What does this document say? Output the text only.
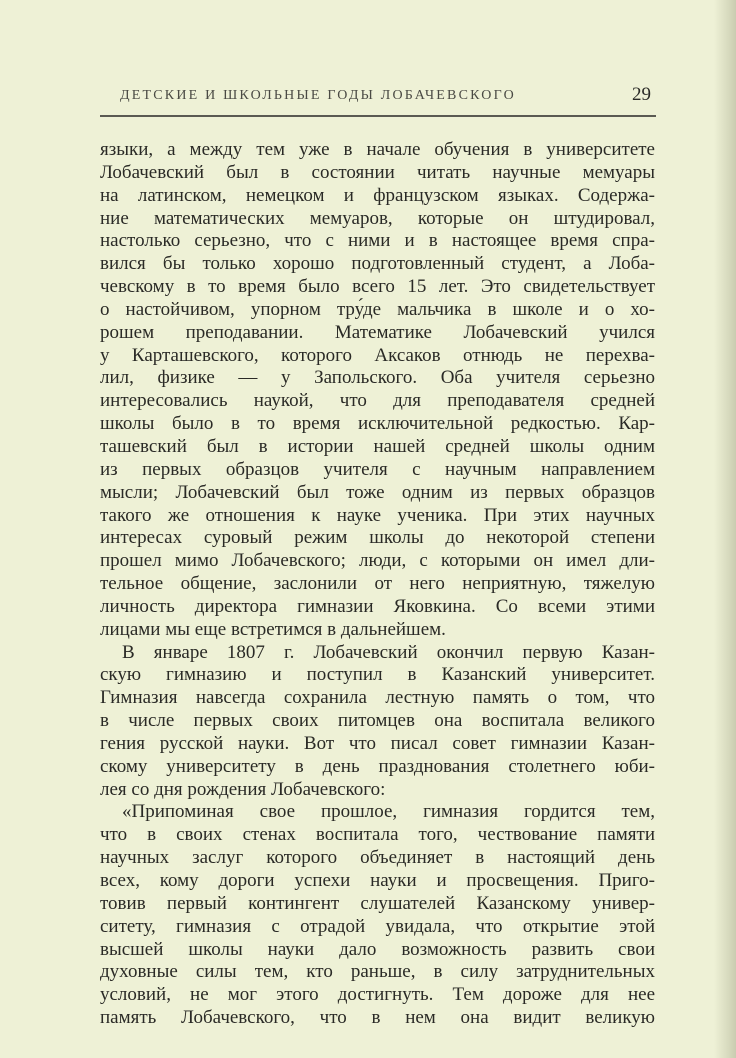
ДЕТСКИЕ И ШКОЛЬНЫЕ ГОДЫ ЛОБАЧЕВСКОГО	29
языки, а между тем уже в начале обучения в университете
Лобачевский был в состоянии читать научные мемуары
на латинском, немецком и французском языках. Содержа-
ние математических мемуаров, которые он штудировал,
настолько серьезно, что с ними и в настоящее время спра-
вился бы только хорошо подготовленный студент, а Лоба-
чевскому в то время было всего 15 лет. Это свидетельствует
о настойчивом, упорном тру́де мальчика в школе и о хо-
рошем преподавании. Математике Лобачевский учился
у Карташевского, которого Аксаков отнюдь не перехва-
лил, физике — у Запольского. Оба учителя серьезно
интересовались наукой, что для преподавателя средней
школы было в то время исключительной редкостью. Кар-
ташевский был в истории нашей средней школы одним
из первых образцов учителя с научным направлением
мысли; Лобачевский был тоже одним из первых образцов
такого же отношения к науке ученика. При этих научных
интересах суровый режим школы до некоторой степени
прошел мимо Лобачевского; люди, с которыми он имел дли-
тельное общение, заслонили от него неприятную, тяжелую
личность директора гимназии Яковкина. Со всеми этими
лицами мы еще встретимся в дальнейшем.
В январе 1807 г. Лобачевский окончил первую Казан-
скую гимназию и поступил в Казанский университет.
Гимназия навсегда сохранила лестную память о том, что
в числе первых своих питомцев она воспитала великого
гения русской науки. Вот что писал совет гимназии Казан-
скому университету в день празднования столетнего юби-
лея со дня рождения Лобачевского:
«Припоминая свое прошлое, гимназия гордится тем,
что в своих стенах воспитала того, чествование памяти
научных заслуг которого объединяет в настоящий день
всех, кому дороги успехи науки и просвещения. Приго-
товив первый контингент слушателей Казанскому универ-
ситету, гимназия с отрадой увидала, что открытие этой
высшей школы науки дало возможность развить свои
духовные силы тем, кто раньше, в силу затруднительных
условий, не мог этого достигнуть. Тем дороже для нее
память Лобачевского, что в нем она видит великую
